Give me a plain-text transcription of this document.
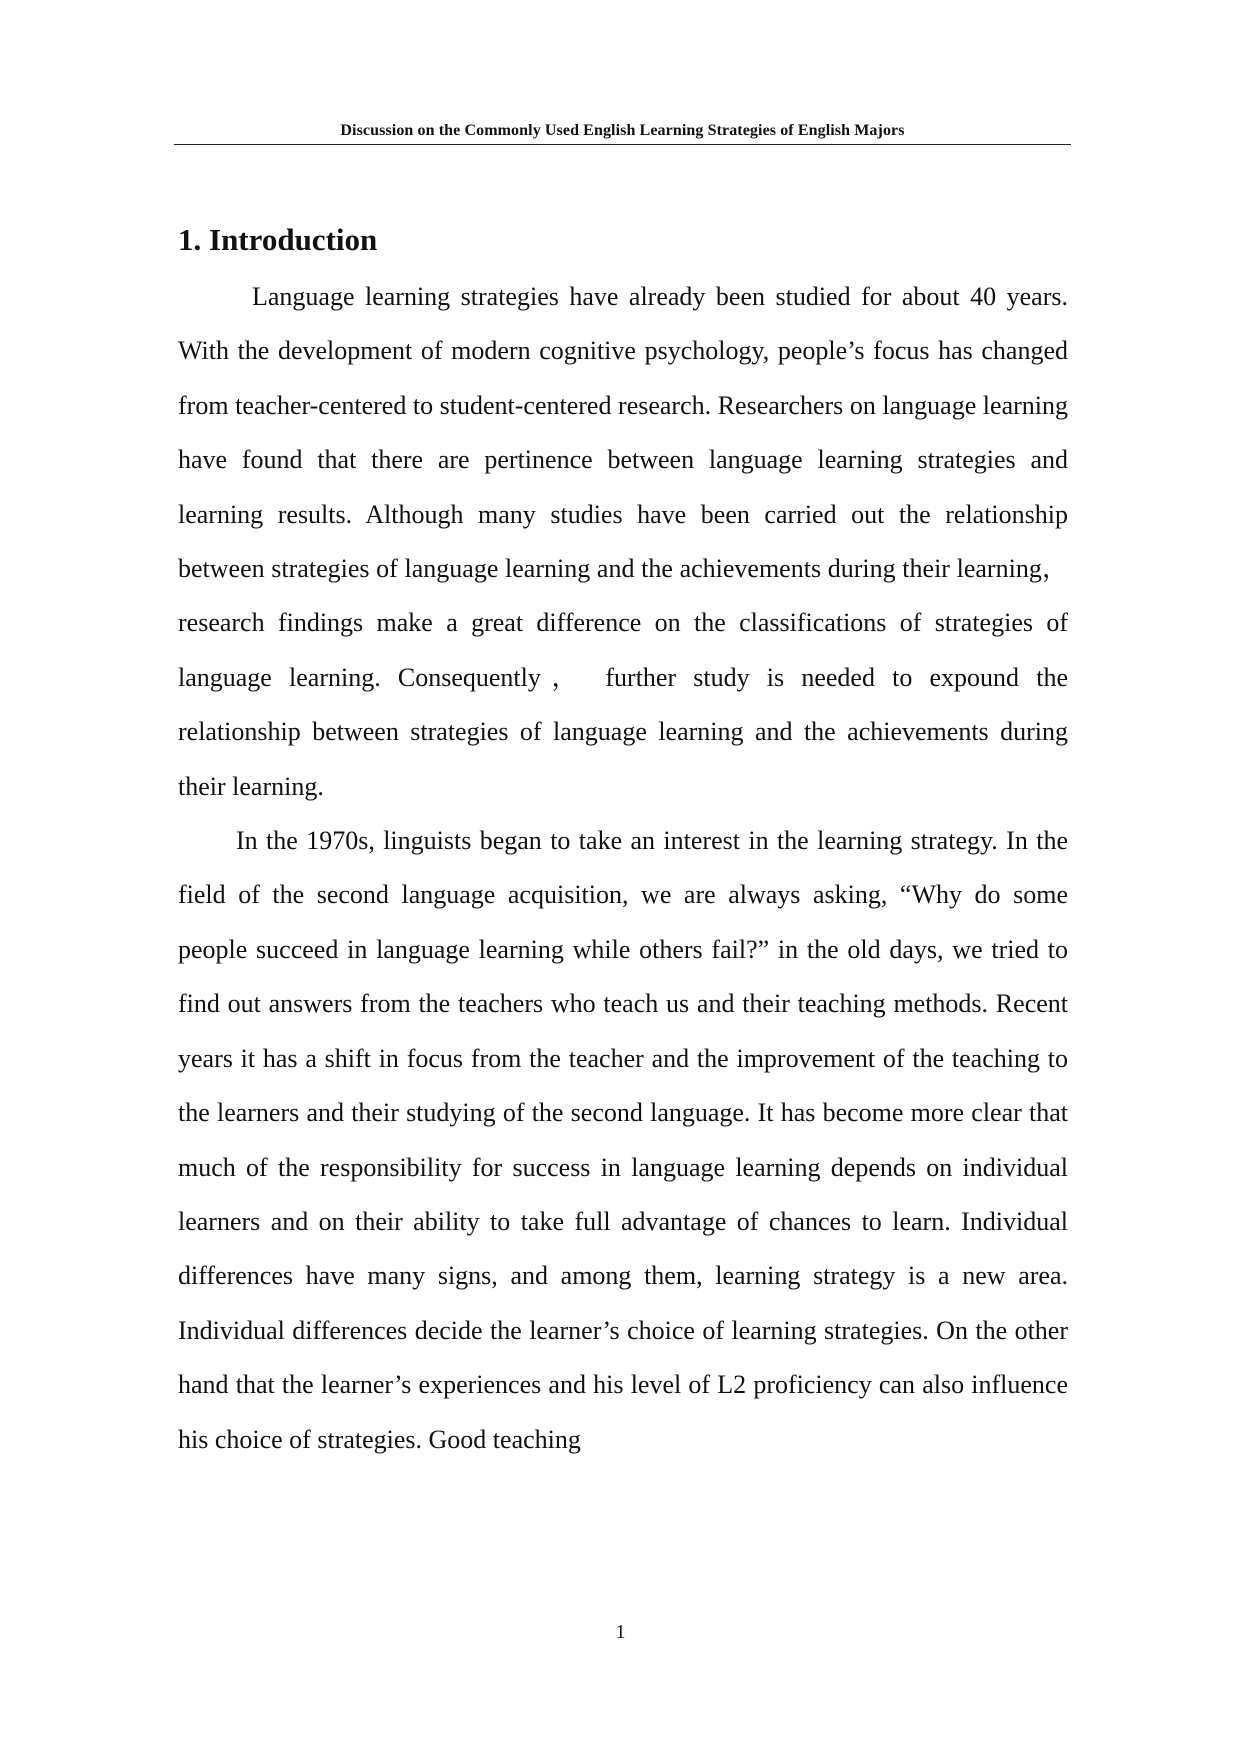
Discussion on the Commonly Used English Learning Strategies of English Majors
1. Introduction

Language learning strategies have already been studied for about 40 years. With the development of modern cognitive psychology, people’s focus has changed from teacher-centered to student-centered research. Researchers on language learning have found that there are pertinence between language learning strategies and learning results. Although many studies have been carried out the relationship between strategies of language learning and the achievements during their learning， research findings make a great difference on the classifications of strategies of language learning. Consequently， further study is needed to expound the relationship between strategies of language learning and the achievements during their learning.

In the 1970s, linguists began to take an interest in the learning strategy. In the field of the second language acquisition, we are always asking, “Why do some people succeed in language learning while others fail?” in the old days, we tried to find out answers from the teachers who teach us and their teaching methods. Recent years it has a shift in focus from the teacher and the improvement of the teaching to the learners and their studying of the second language. It has become more clear that much of the responsibility for success in language learning depends on individual learners and on their ability to take full advantage of chances to learn. Individual differences have many signs, and among them, learning strategy is a new area. Individual differences decide the learner’s choice of learning strategies. On the other hand that the learner’s experiences and his level of L2 proficiency can also influence his choice of strategies. Good teaching

1
